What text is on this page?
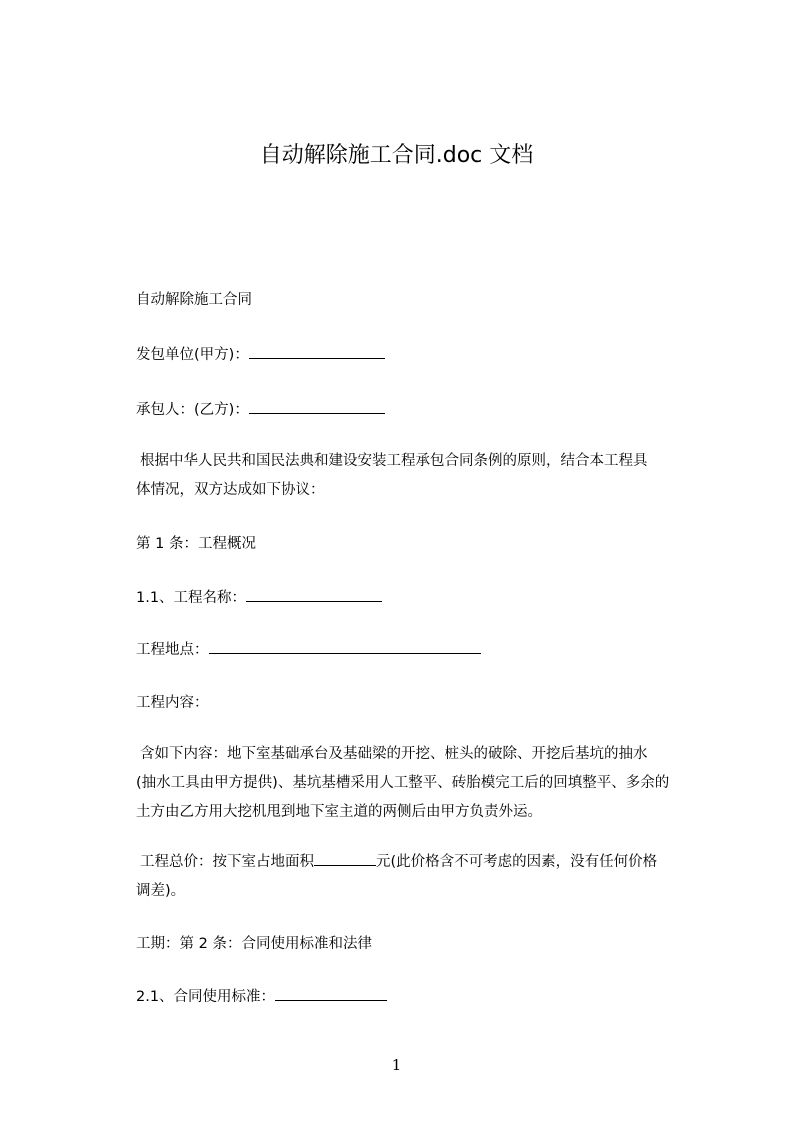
自动解除施工合同.doc 文档
自动解除施工合同
发包单位(甲方)：
承包人：(乙方)：
根据中华人民共和国民法典和建设安装工程承包合同条例的原则，结合本工程具
体情况，双方达成如下协议：
第 1 条：工程概况
1.1、工程名称：
工程地点：
工程内容：
含如下内容：地下室基础承台及基础梁的开挖、桩头的破除、开挖后基坑的抽水
(抽水工具由甲方提供)、基坑基槽采用人工整平、砖胎模完工后的回填整平、多余的
土方由乙方用大挖机甩到地下室主道的两侧后由甲方负责外运。
工程总价：按下室占地面积	元(此价格含不可考虑的因素，没有任何价格
调差)。
工期：第 2 条：合同使用标准和法律
2.1、合同使用标准：
1
